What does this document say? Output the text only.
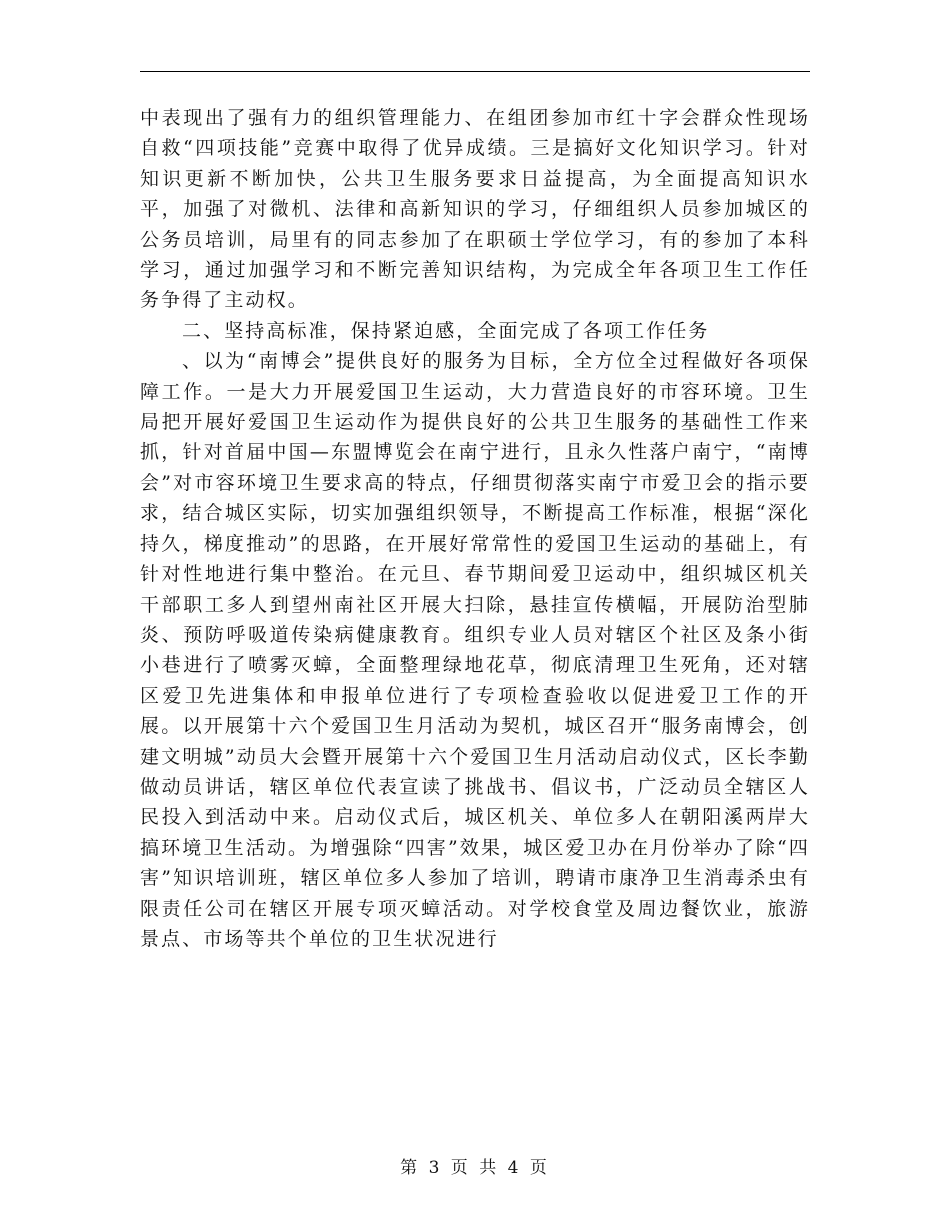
中表现出了强有力的组织管理能力、在组团参加市红十字会群众性现场自救“四项技能”竞赛中取得了优异成绩。三是搞好文化知识学习。针对知识更新不断加快，公共卫生服务要求日益提高，为全面提高知识水平，加强了对微机、法律和高新知识的学习，仔细组织人员参加城区的公务员培训，局里有的同志参加了在职硕士学位学习，有的参加了本科学习，通过加强学习和不断完善知识结构，为完成全年各项卫生工作任务争得了主动权。

二、坚持高标准，保持紧迫感，全面完成了各项工作任务

、以为“南博会”提供良好的服务为目标，全方位全过程做好各项保障工作。一是大力开展爱国卫生运动，大力营造良好的市容环境。卫生局把开展好爱国卫生运动作为提供良好的公共卫生服务的基础性工作来抓，针对首届中国—东盟博览会在南宁进行，且永久性落户南宁，“南博会”对市容环境卫生要求高的特点，仔细贯彻落实南宁市爱卫会的指示要求，结合城区实际，切实加强组织领导，不断提高工作标准，根据“深化持久，梯度推动”的思路，在开展好常常性的爱国卫生运动的基础上，有针对性地进行集中整治。在元旦、春节期间爱卫运动中，组织城区机关干部职工多人到望州南社区开展大扫除，悬挂宣传横幅，开展防治型肺炎、预防呼吸道传染病健康教育。组织专业人员对辖区个社区及条小街小巷进行了喷雾灭蟑，全面整理绿地花草，彻底清理卫生死角，还对辖区爱卫先进集体和申报单位进行了专项检查验收以促进爱卫工作的开展。以开展第十六个爱国卫生月活动为契机，城区召开“服务南博会，创建文明城”动员大会暨开展第十六个爱国卫生月活动启动仪式，区长李勤做动员讲话，辖区单位代表宣读了挑战书、倡议书，广泛动员全辖区人民投入到活动中来。启动仪式后，城区机关、单位多人在朝阳溪两岸大搞环境卫生活动。为增强除“四害”效果，城区爱卫办在月份举办了除“四害”知识培训班，辖区单位多人参加了培训，聘请市康净卫生消毒杀虫有限责任公司在辖区开展专项灭蟑活动。对学校食堂及周边餐饮业，旅游景点、市场等共个单位的卫生状况进行

第 3 页 共 4 页
